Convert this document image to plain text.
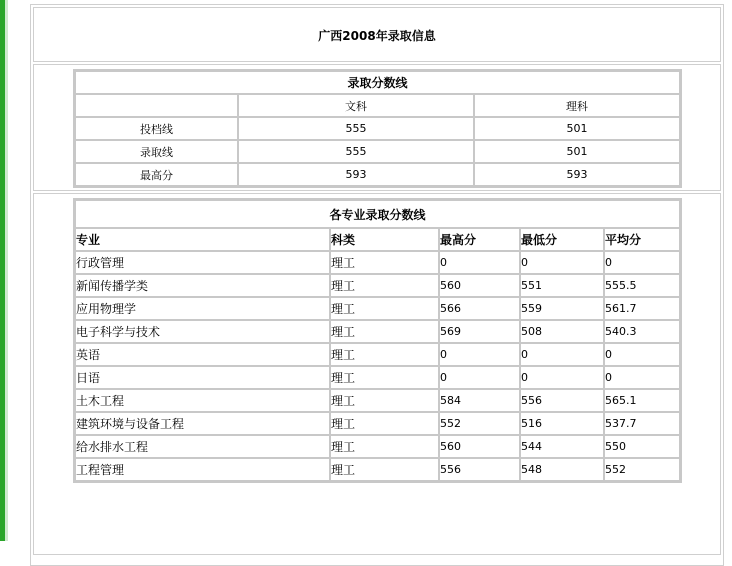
广西2008年录取信息
录取分数线		
	文科	理科
投档线	555	501
录取线	555	501
最高分	593	593
各专业录取分数线				
专业	科类	最高分	最低分	平均分
行政管理	理工	0	0	0
新闻传播学类	理工	560	551	555.5
应用物理学	理工	566	559	561.7
电子科学与技术	理工	569	508	540.3
英语	理工	0	0	0
日语	理工	0	0	0
土木工程	理工	584	556	565.1
建筑环境与设备工程	理工	552	516	537.7
给水排水工程	理工	560	544	550
工程管理	理工	556	548	552
